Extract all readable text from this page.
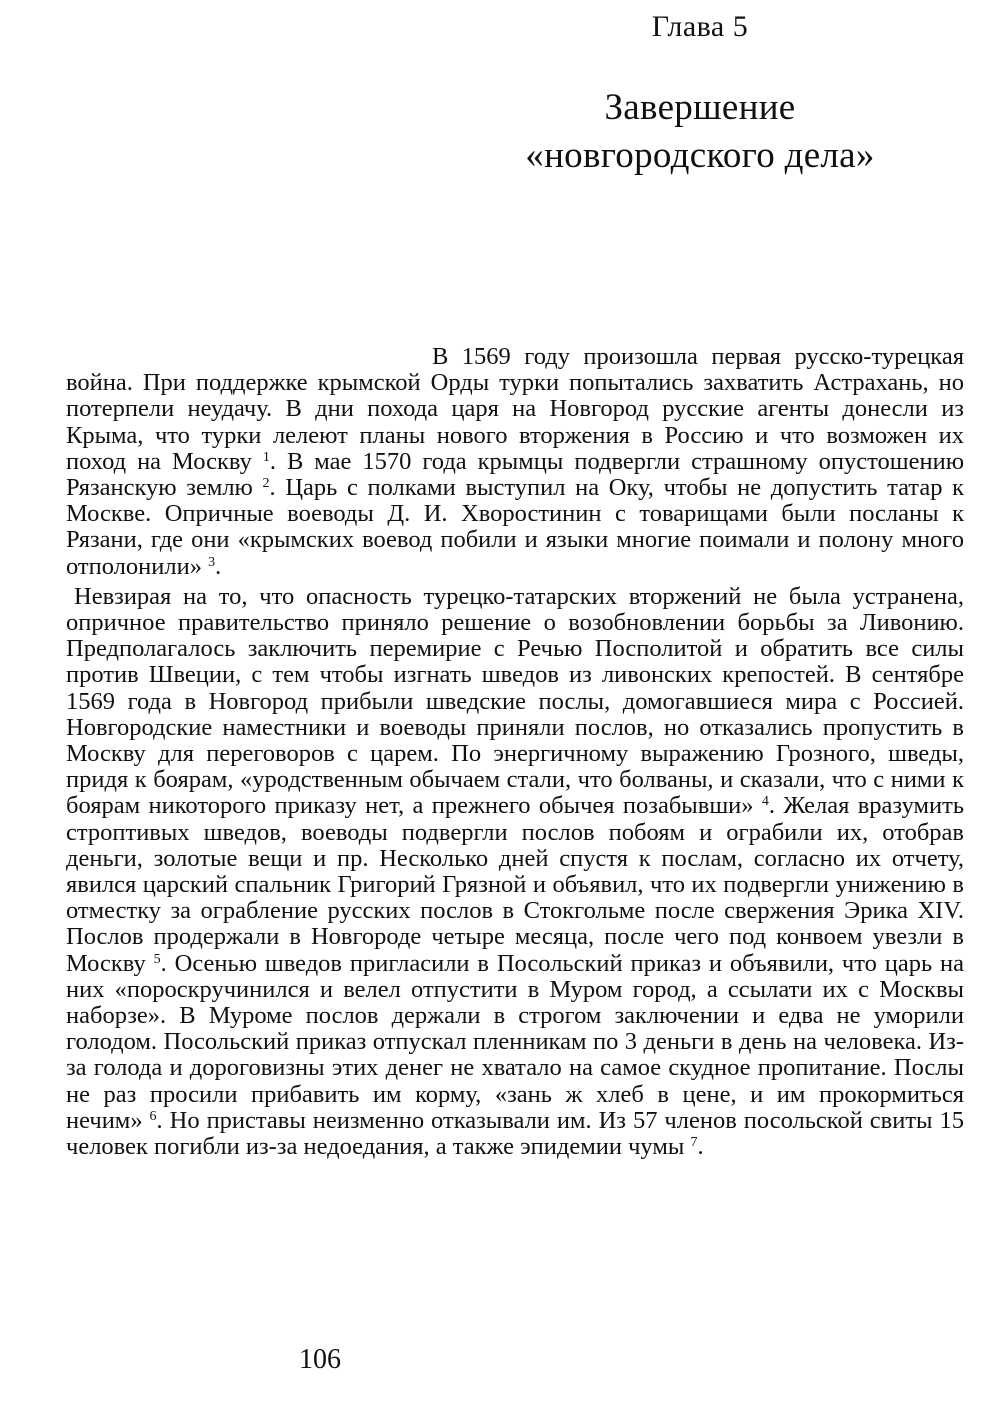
Глава 5
Завершение
«новгородского дела»

В 1569 году произошла первая русско-турецкая война. При поддержке крымской Орды турки попытались захватить Астрахань, но потерпели неудачу. В дни похода царя на Новгород русские агенты донесли из Крыма, что турки лелеют планы нового вторжения в Россию и что возможен их поход на Москву $^1$. В мае 1570 года крымцы подвергли страшному опустошению Рязанскую землю $^2$. Царь с полками выступил на Оку, чтобы не допустить татар к Москве. Опричные воеводы Д. И. Хворостинин с товарищами были посланы к Рязани, где они «крымских воевод побили и языки многие поимали и полону много отполонили» $^3$.

Невзирая на то, что опасность турецко-татарских вторжений не была устранена, опричное правительство приняло решение о возобновлении борьбы за Ливонию. Предполагалось заключить перемирие с Речью Посполитой и обратить все силы против Швеции, с тем чтобы изгнать шведов из ливонских крепостей. В сентябре 1569 года в Новгород прибыли шведские послы, домогавшиеся мира с Россией. Новгородские наместники и воеводы приняли послов, но отказались пропустить в Москву для переговоров с царем. По энергичному выражению Грозного, шведы, придя к боярам, «уродственным обычаем стали, что болваны, и сказали, что с ними к боярам никоторого приказу нет, а прежнего обычея позабывши» $^4$. Желая вразумить строптивых шведов, воеводы подвергли послов побоям и ограбили их, отобрав деньги, золотые вещи и пр. Несколько дней спустя к послам, согласно их отчету, явился царский спальник Григорий Грязной и объявил, что их подвергли унижению в отместку за ограбление русских послов в Стокгольме после свержения Эрика XIV. Послов продержали в Новгороде четыре месяца, после чего под конвоем увезли в Москву $^5$. Осенью шведов пригласили в Посольский приказ и объявили, что царь на них «порοскручинился и велел отпустити в Муром город, а ссылати их с Москвы наборзе». В Муроме послов держали в строгом заключении и едва не уморили голодом. Посольский приказ отпускал пленникам по 3 деньги в день на человека. Из-за голода и дороговизны этих денег не хватало на самое скудное пропитание. Послы не раз просили прибавить им корму, «зань ж хлеб в цене, и им прокормиться нечим» $^6$. Но приставы неизменно отказывали им. Из 57 членов посольской свиты 15 человек погибли из-за недоедания, а также эпидемии чумы $^7$.

106
